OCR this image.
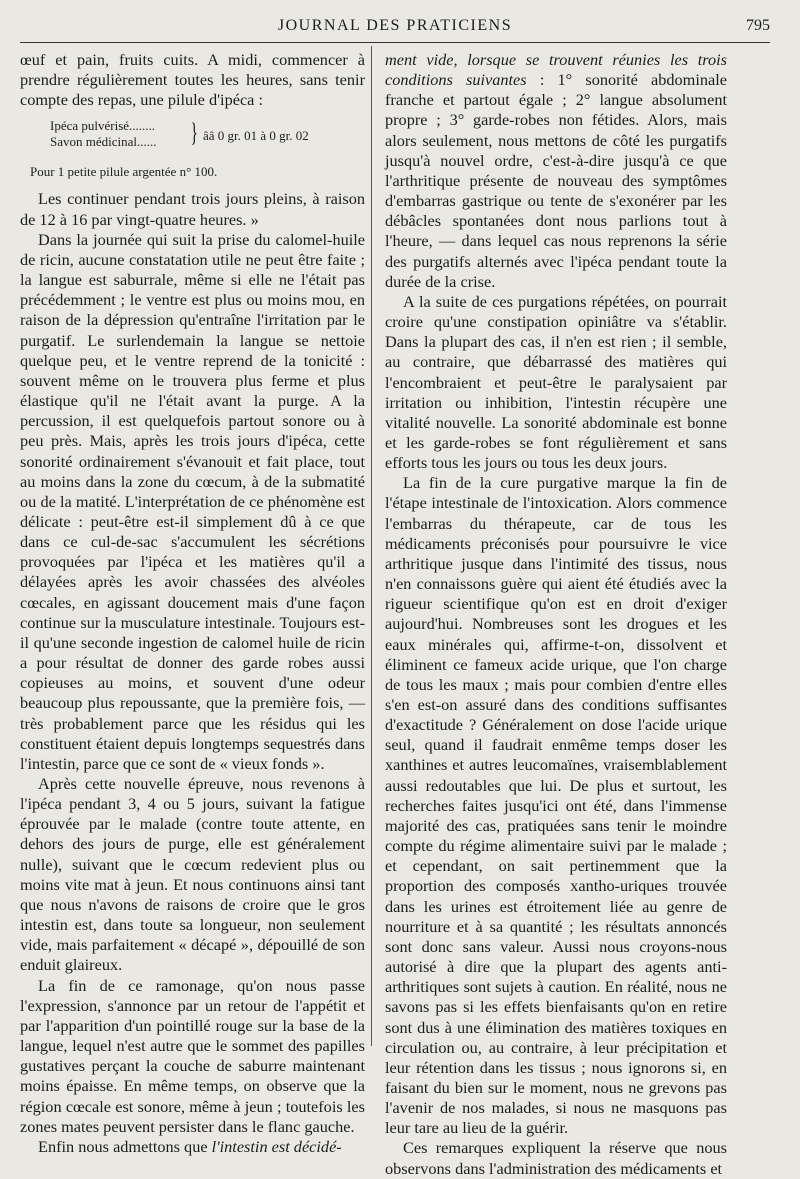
JOURNAL DES PRATICIENS	795

œuf et pain, fruits cuits. A midi, commencer à prendre régulièrement toutes les heures, sans tenir compte des repas, une pilule d'ipéca :

Ipéca pulvérisé........
Savon médicinal...... } ââ 0 gr. 01 à 0 gr. 02

Pour 1 petite pilule argentée n° 100.

Les continuer pendant trois jours pleins, à raison de 12 à 16 par vingt-quatre heures. »

Dans la journée qui suit la prise du calomel-huile de ricin, aucune constatation utile ne peut être faite ; la langue est saburrale, même si elle ne l'était pas précédemment ; le ventre est plus ou moins mou, en raison de la dépression qu'entraîne l'irritation par le purgatif. Le surlendemain la langue se nettoie quelque peu, et le ventre reprend de la tonicité : souvent même on le trouvera plus ferme et plus élastique qu'il ne l'était avant la purge. A la percussion, il est quelquefois partout sonore ou à peu près. Mais, après les trois jours d'ipéca, cette sonorité ordinairement s'évanouit et fait place, tout au moins dans la zone du cœcum, à de la submatité ou de la matité. L'interprétation de ce phénomène est délicate : peut-être est-il simplement dû à ce que dans ce cul-de-sac s'accumulent les sécrétions provoquées par l'ipéca et les matières qu'il a délayées après les avoir chassées des alvéoles cœcales, en agissant doucement mais d'une façon continue sur la musculature intestinale. Toujours est-il qu'une seconde ingestion de calomel huile de ricin a pour résultat de donner des garde robes aussi copieuses au moins, et souvent d'une odeur beaucoup plus repoussante, que la première fois, — très probablement parce que les résidus qui les constituent étaient depuis longtemps sequestrés dans l'intestin, parce que ce sont de « vieux fonds ».

Après cette nouvelle épreuve, nous revenons à l'ipéca pendant 3, 4 ou 5 jours, suivant la fatigue éprouvée par le malade (contre toute attente, en dehors des jours de purge, elle est généralement nulle), suivant que le cœcum redevient plus ou moins vite mat à jeun. Et nous continuons ainsi tant que nous n'avons de raisons de croire que le gros intestin est, dans toute sa longueur, non seulement vide, mais parfaitement « décapé », dépouillé de son enduit glaireux.

La fin de ce ramonage, qu'on nous passe l'expression, s'annonce par un retour de l'appétit et par l'apparition d'un pointillé rouge sur la base de la langue, lequel n'est autre que le sommet des papilles gustatives perçant la couche de saburre maintenant moins épaisse. En même temps, on observe que la région cœcale est sonore, même à jeun ; toutefois les zones mates peuvent persister dans le flanc gauche.

Enfin nous admettons que l'intestin est décidé-

ment vide, lorsque se trouvent réunies les trois conditions suivantes : 1° sonorité abdominale franche et partout égale ; 2° langue absolument propre ; 3° garde-robes non fétides. Alors, mais alors seulement, nous mettons de côté les purgatifs jusqu'à nouvel ordre, c'est-à-dire jusqu'à ce que l'arthritique présente de nouveau des symptômes d'embarras gastrique ou tente de s'exonérer par les débâcles spontanées dont nous parlions tout à l'heure, — dans lequel cas nous reprenons la série des purgatifs alternés avec l'ipéca pendant toute la durée de la crise.

A la suite de ces purgations répétées, on pourrait croire qu'une constipation opiniâtre va s'établir. Dans la plupart des cas, il n'en est rien ; il semble, au contraire, que débarrassé des matières qui l'encombraient et peut-être le paralysaient par irritation ou inhibition, l'intestin récupère une vitalité nouvelle. La sonorité abdominale est bonne et les garde-robes se font régulièrement et sans efforts tous les jours ou tous les deux jours.

La fin de la cure purgative marque la fin de l'étape intestinale de l'intoxication. Alors commence l'embarras du thérapeute, car de tous les médicaments préconisés pour poursuivre le vice arthritique jusque dans l'intimité des tissus, nous n'en connaissons guère qui aient été étudiés avec la rigueur scientifique qu'on est en droit d'exiger aujourd'hui. Nombreuses sont les drogues et les eaux minérales qui, affirme-t-on, dissolvent et éliminent ce fameux acide urique, que l'on charge de tous les maux ; mais pour combien d'entre elles s'en est-on assuré dans des conditions suffisantes d'exactitude ? Généralement on dose l'acide urique seul, quand il faudrait enmême temps doser les xanthines et autres leucomaïnes, vraisemblablement aussi redoutables que lui. De plus et surtout, les recherches faites jusqu'ici ont été, dans l'immense majorité des cas, pratiquées sans tenir le moindre compte du régime alimentaire suivi par le malade ; et cependant, on sait pertinemment que la proportion des composés xantho-uriques trouvée dans les urines est étroitement liée au genre de nourriture et à sa quantité ; les résultats annoncés sont donc sans valeur. Aussi nous croyons-nous autorisé à dire que la plupart des agents anti-arthritiques sont sujets à caution. En réalité, nous ne savons pas si les effets bienfaisants qu'on en retire sont dus à une élimination des matières toxiques en circulation ou, au contraire, à leur précipitation et leur rétention dans les tissus ; nous ignorons si, en faisant du bien sur le moment, nous ne grevons pas l'avenir de nos malades, si nous ne masquons pas leur tare au lieu de la guérir.

Ces remarques expliquent la réserve que nous observons dans l'administration des médicaments et
